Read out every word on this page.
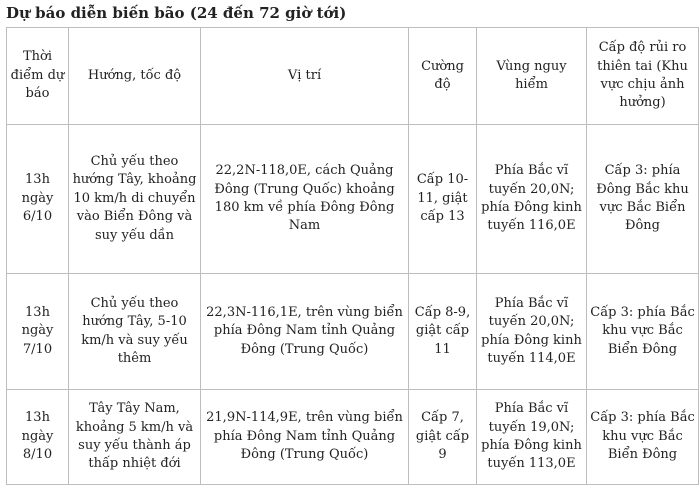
Dự báo diễn biến bão (24 đến 72 giờ tới)
Thời điểm dự báo	Hướng, tốc độ	Vị trí	Cường độ	Vùng nguy hiểm	Cấp độ rủi ro thiên tai (Khu vực chịu ảnh hưởng)
13h ngày 6/10	Chủ yếu theo hướng Tây, khoảng 10 km/h di chuyển vào Biển Đông và suy yếu dần	22,2N-118,0E, cách Quảng Đông (Trung Quốc) khoảng 180 km về phía Đông Đông Nam	Cấp 10-11, giật cấp 13	Phía Bắc vĩ tuyến 20,0N; phía Đông kinh tuyến 116,0E	Cấp 3: phía Đông Bắc khu vực Bắc Biển Đông
13h ngày 7/10	Chủ yếu theo hướng Tây, 5-10 km/h và suy yếu thêm	22,3N-116,1E, trên vùng biển phía Đông Nam tỉnh Quảng Đông (Trung Quốc)	Cấp 8-9, giật cấp 11	Phía Bắc vĩ tuyến 20,0N; phía Đông kinh tuyến 114,0E	Cấp 3: phía Bắc khu vực Bắc Biển Đông
13h ngày 8/10	Tây Tây Nam, khoảng 5 km/h và suy yếu thành áp thấp nhiệt đới	21,9N-114,9E, trên vùng biển phía Đông Nam tỉnh Quảng Đông (Trung Quốc)	Cấp 7, giật cấp 9	Phía Bắc vĩ tuyến 19,0N; phía Đông kinh tuyến 113,0E	Cấp 3: phía Bắc khu vực Bắc Biển Đông
